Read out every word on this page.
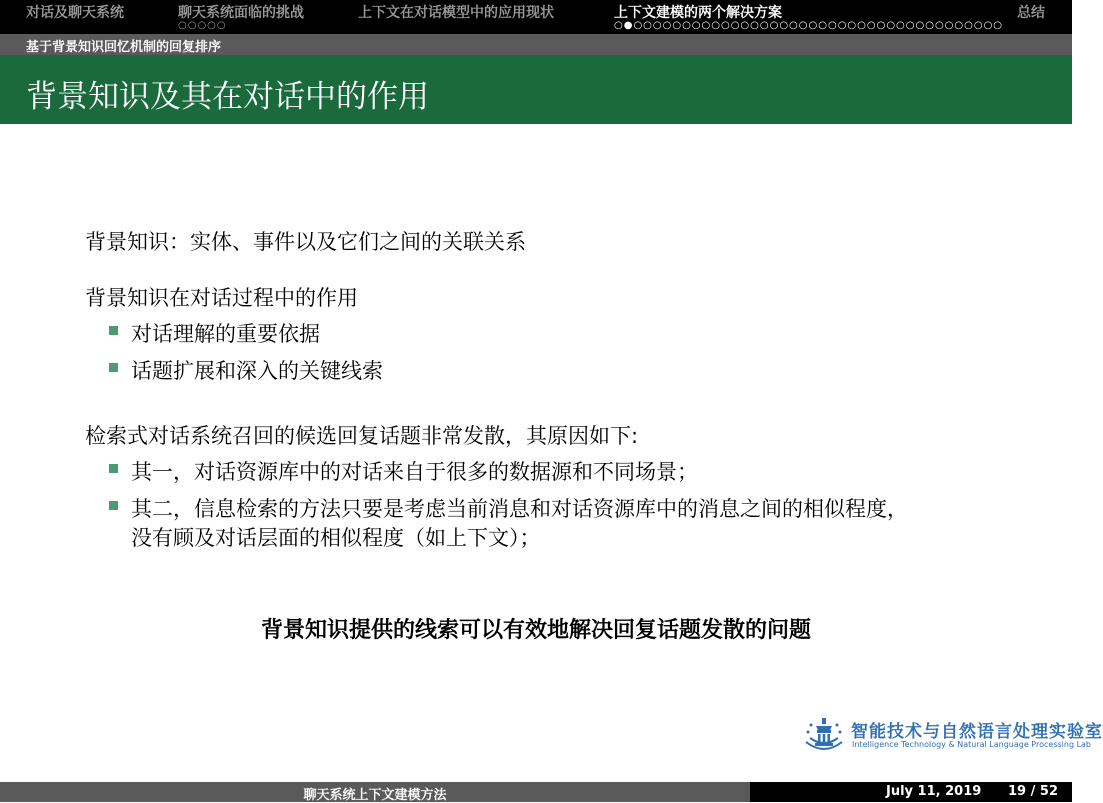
对话及聊天系统	聊天系统面临的挑战
○○○○○
上下文在对话模型中的应用现状	上下文建模的两个解决方案
○●○○○○○○○○○○○○○○○○○○○○○○○○○○○○○○○○○○○○○○
总结
基于背景知识回忆机制的回复排序
背景知识及其在对话中的作用
背景知识：实体、事件以及它们之间的关联关系
背景知识在对话过程中的作用
对话理解的重要依据
话题扩展和深入的关键线索
检索式对话系统召回的候选回复话题非常发散，其原因如下:
其一，对话资源库中的对话来自于很多的数据源和不同场景；
其二，信息检索的方法只要是考虑当前消息和对话资源库中的消息之间的相似程度，
没有顾及对话层面的相似程度（如上下文）；
背景知识提供的线索可以有效地解决回复话题发散的问题
智能技术与自然语言处理实验室
Intelligence Technology & Natural Language Processing Lab
聊天系统上下文建模方法	July 11, 2019 19 / 52
